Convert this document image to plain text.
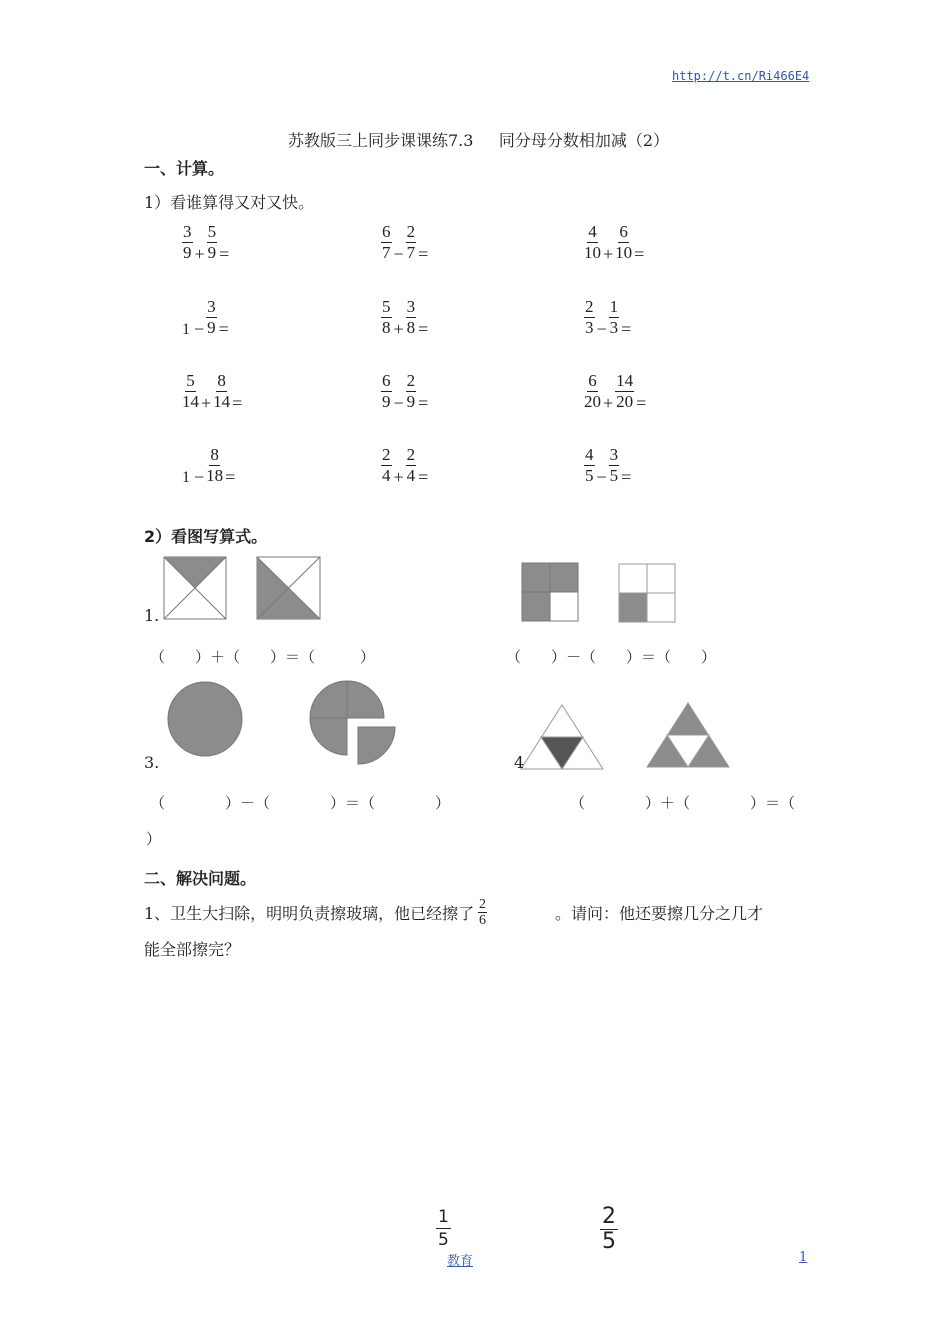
http://t.cn/Ri466E4
苏教版三上同步课课练7.3     同分母分数相加减（2）
一、计算。
1）看谁算得又对又快。
$\frac{3}{9} + \frac{5}{9}$ =	$\frac{6}{7} - \frac{2}{7}$ =	$\frac{4}{10} + \frac{6}{10}$ =
$1 - \frac{3}{9}$ =	$\frac{5}{8} + \frac{3}{8}$ =	$\frac{2}{3} - \frac{1}{3}$ =
$\frac{5}{14} + \frac{8}{14}$ =	$\frac{6}{9} - \frac{2}{9}$ =	$\frac{6}{20} + \frac{14}{20}$ =
$1 - \frac{8}{18}$ =	$\frac{2}{4} + \frac{2}{4}$ =	$\frac{4}{5} - \frac{3}{5}$ =
2）看图写算式。
1.
（　　）＋（　　）＝（　　　）	（　　）－（　　）＝（　　）
3.	4
（　　　　）－（　　　　）＝（　　　　）	（　　　　）＋（　　　　）＝（
）
二、解决问题。
1、卫生大扫除，明明负责擦玻璃，他已经擦了 $\frac{2}{6}$	。请问：他还要擦几分之几才
能全部擦完？
$\frac{1}{5}$	$\frac{2}{5}$
教育	1
